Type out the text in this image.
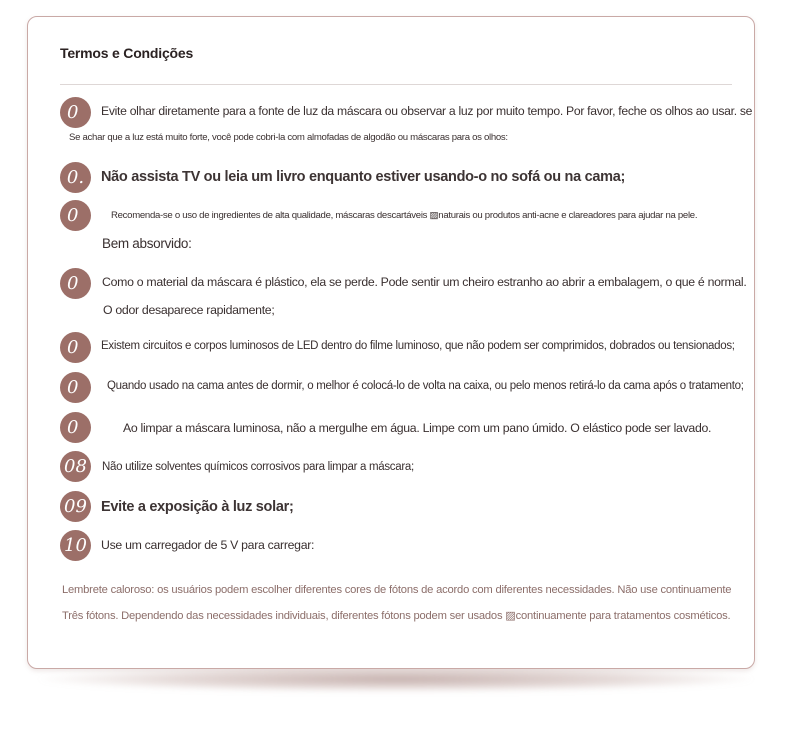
Termos e Condições
0	Evite olhar diretamente para a fonte de luz da máscara ou observar a luz por muito tempo. Por favor, feche os olhos ao usar. se
Se achar que a luz está muito forte, você pode cobri-la com almofadas de algodão ou máscaras para os olhos:
0.	Não assista TV ou leia um livro enquanto estiver usando-o no sofá ou na cama;
0	Recomenda-se o uso de ingredientes de alta qualidade, máscaras descartáveis ▨naturais ou produtos anti-acne e clareadores para ajudar na pele.
Bem absorvido:
0	Como o material da máscara é plástico, ela se perde. Pode sentir um cheiro estranho ao abrir a embalagem, o que é normal.
O odor desaparece rapidamente;
0	Existem circuitos e corpos luminosos de LED dentro do filme luminoso, que não podem ser comprimidos, dobrados ou tensionados;
0	Quando usado na cama antes de dormir, o melhor é colocá-lo de volta na caixa, ou pelo menos retirá-lo da cama após o tratamento;
0	Ao limpar a máscara luminosa, não a mergulhe em água. Limpe com um pano úmido. O elástico pode ser lavado.
08	Não utilize solventes químicos corrosivos para limpar a máscara;
09 Evite a exposição à luz solar;
10	Use um carregador de 5 V para carregar:
Lembrete caloroso: os usuários podem escolher diferentes cores de fótons de acordo com diferentes necessidades. Não use continuamente
Três fótons. Dependendo das necessidades individuais, diferentes fótons podem ser usados ▨continuamente para tratamentos cosméticos.
